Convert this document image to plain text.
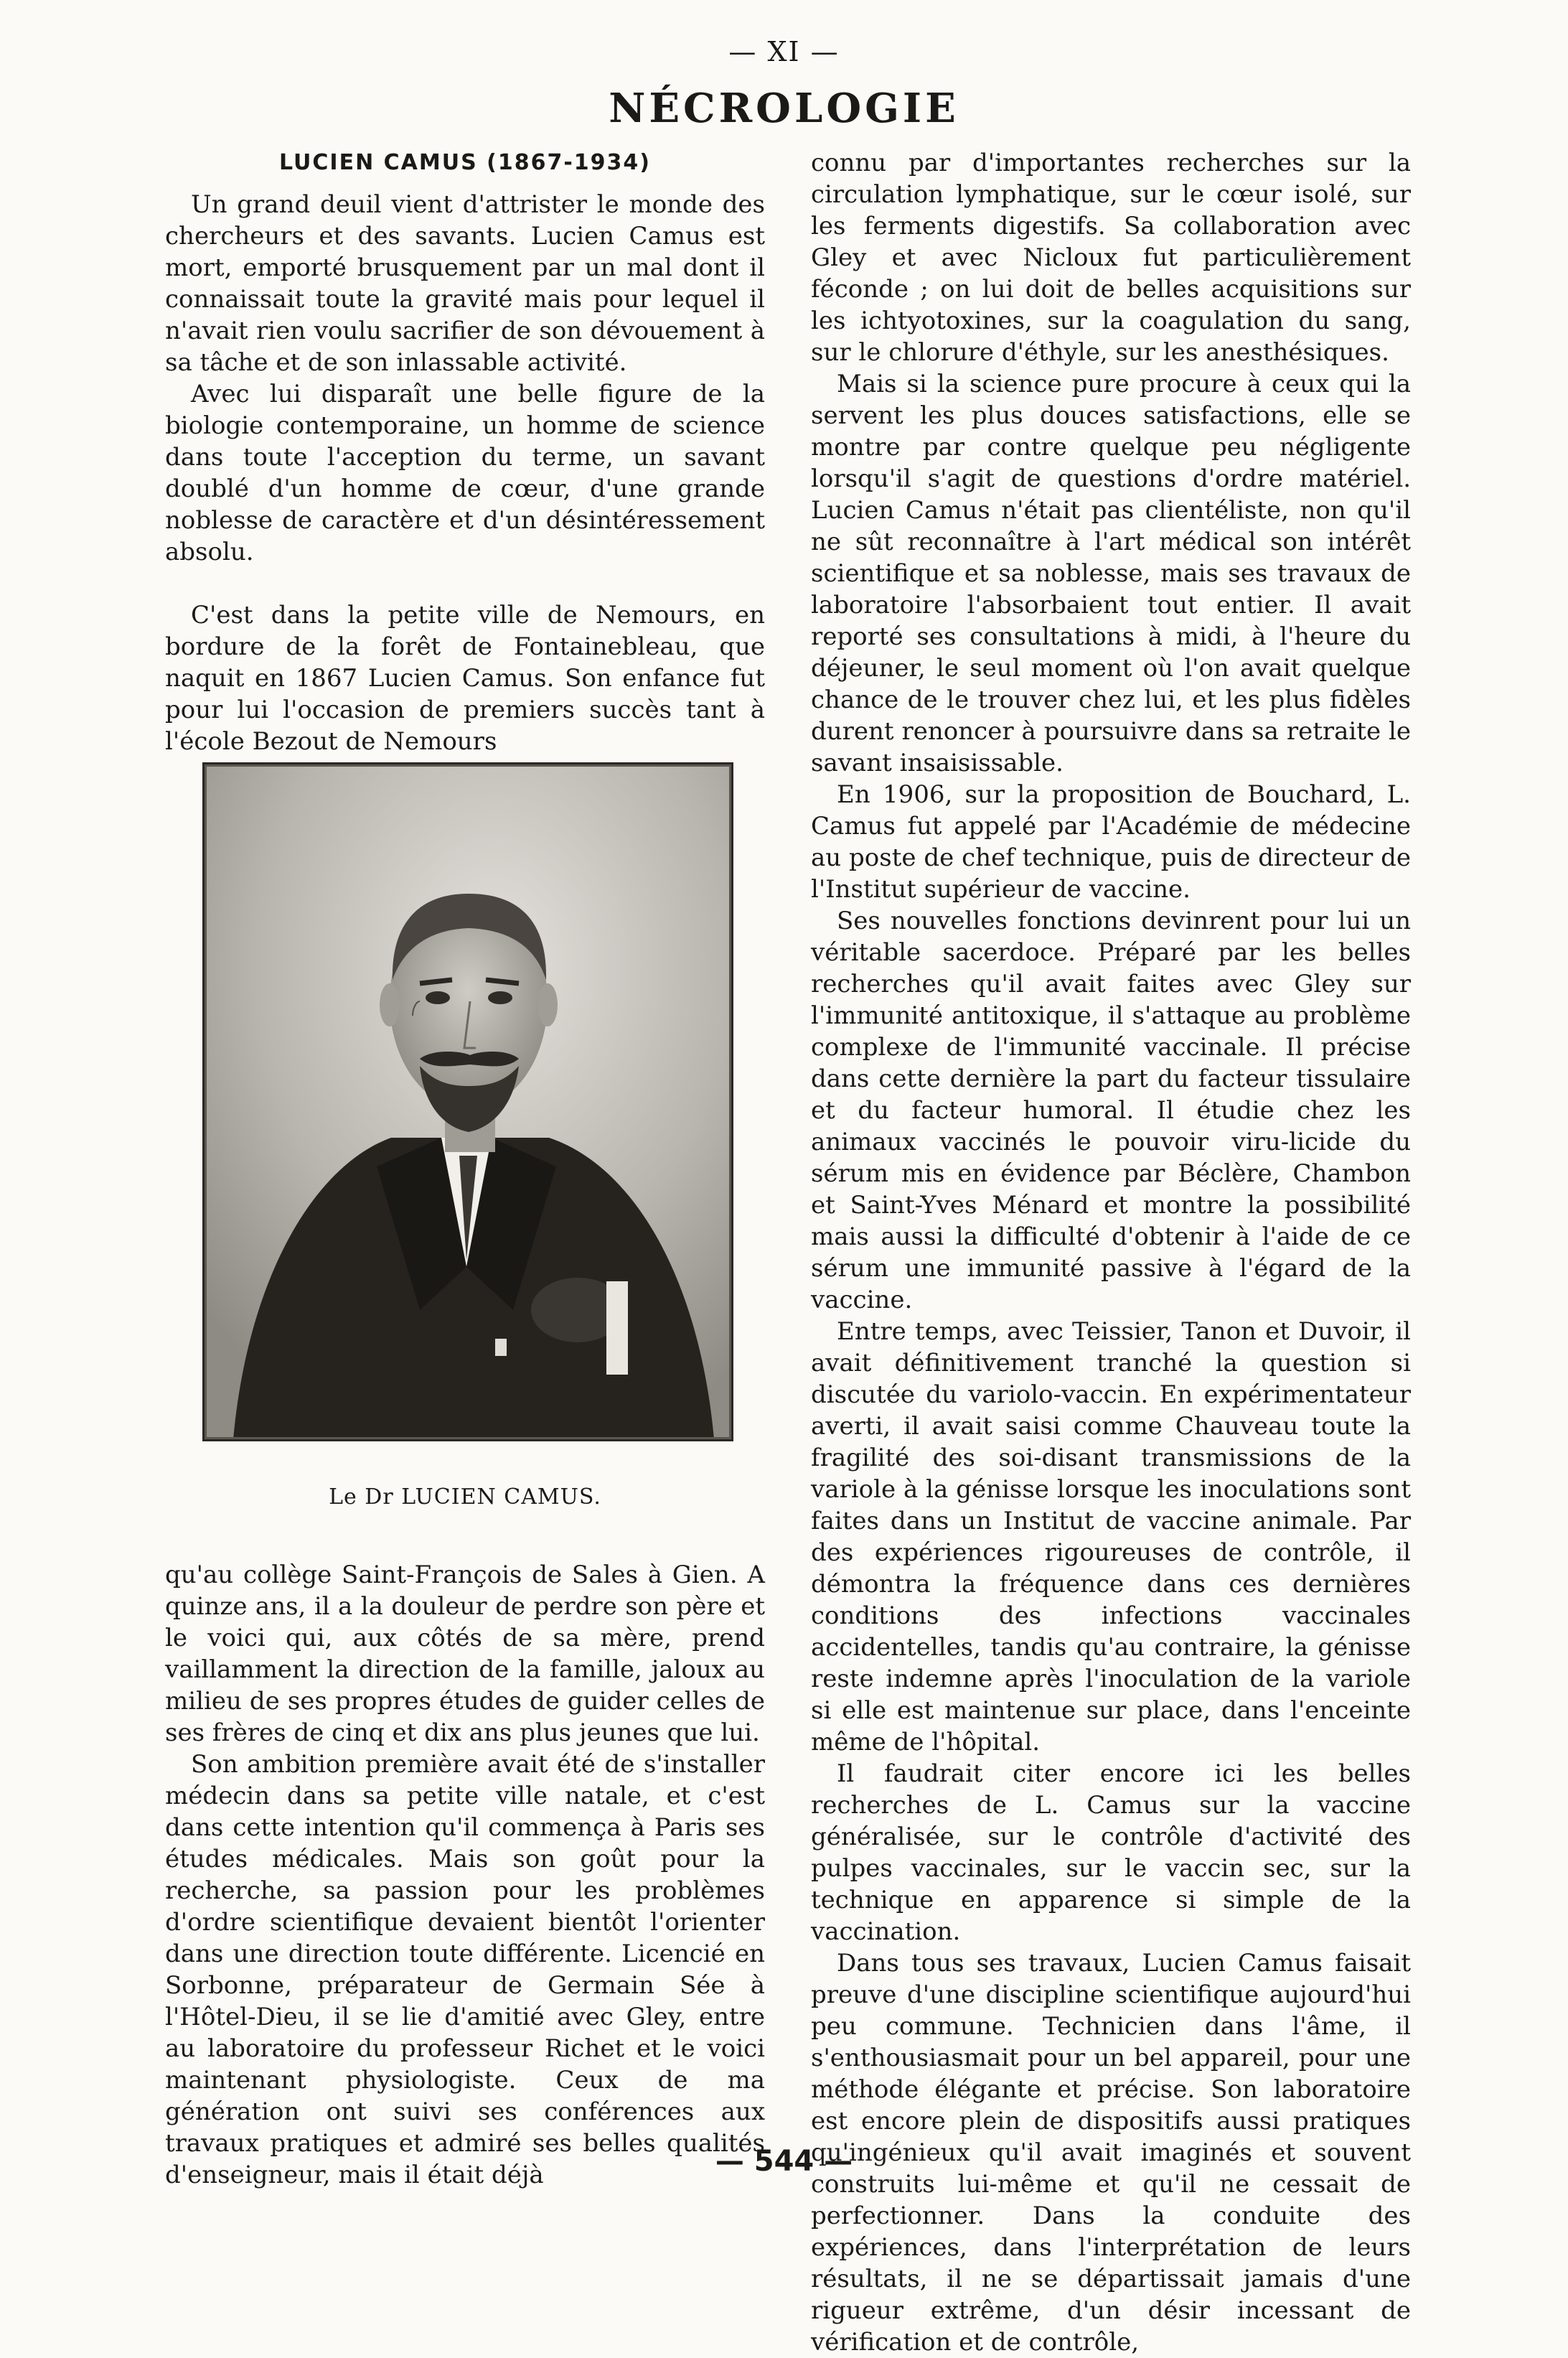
— XI —
NÉCROLOGIE
LUCIEN CAMUS (1867-1934)

Un grand deuil vient d'attrister le monde des chercheurs et des savants. Lucien Camus est mort, emporté brusquement par un mal dont il connaissait toute la gravité mais pour lequel il n'avait rien voulu sacrifier de son dévouement à sa tâche et de son inlassable activité.

Avec lui disparaît une belle figure de la biologie contemporaine, un homme de science dans toute l'acception du terme, un savant doublé d'un homme de cœur, d'une grande noblesse de caractère et d'un désintéressement absolu.

C'est dans la petite ville de Nemours, en bordure de la forêt de Fontainebleau, que naquit en 1867 Lucien Camus. Son enfance fut pour lui l'occasion de premiers succès tant à l'école Bezout de Nemours

Le Dr LUCIEN CAMUS.

qu'au collège Saint-François de Sales à Gien. A quinze ans, il a la douleur de perdre son père et le voici qui, aux côtés de sa mère, prend vaillamment la direction de la famille, jaloux au milieu de ses propres études de guider celles de ses frères de cinq et dix ans plus jeunes que lui.

Son ambition première avait été de s'installer médecin dans sa petite ville natale, et c'est dans cette intention qu'il commença à Paris ses études médicales. Mais son goût pour la recherche, sa passion pour les problèmes d'ordre scientifique devaient bientôt l'orienter dans une direction toute différente. Licencié en Sorbonne, préparateur de Germain Sée à l'Hôtel-Dieu, il se lie d'amitié avec Gley, entre au laboratoire du professeur Richet et le voici maintenant physiologiste. Ceux de ma génération ont suivi ses conférences aux travaux pratiques et admiré ses belles qualités d'enseigneur, mais il était déjà

connu par d'importantes recherches sur la circulation lymphatique, sur le cœur isolé, sur les ferments digestifs. Sa collaboration avec Gley et avec Nicloux fut particulièrement féconde ; on lui doit de belles acquisitions sur les ichtyotoxines, sur la coagulation du sang, sur le chlorure d'éthyle, sur les anesthésiques.

Mais si la science pure procure à ceux qui la servent les plus douces satisfactions, elle se montre par contre quelque peu négligente lorsqu'il s'agit de questions d'ordre matériel. Lucien Camus n'était pas clientéliste, non qu'il ne sût reconnaître à l'art médical son intérêt scientifique et sa noblesse, mais ses travaux de laboratoire l'absorbaient tout entier. Il avait reporté ses consultations à midi, à l'heure du déjeuner, le seul moment où l'on avait quelque chance de le trouver chez lui, et les plus fidèles durent renoncer à poursuivre dans sa retraite le savant insaisissable.

En 1906, sur la proposition de Bouchard, L. Camus fut appelé par l'Académie de médecine au poste de chef technique, puis de directeur de l'Institut supérieur de vaccine.

Ses nouvelles fonctions devinrent pour lui un véritable sacerdoce. Préparé par les belles recherches qu'il avait faites avec Gley sur l'immunité antitoxique, il s'attaque au problème complexe de l'immunité vaccinale. Il précise dans cette dernière la part du facteur tissulaire et du facteur humoral. Il étudie chez les animaux vaccinés le pouvoir viru-licide du sérum mis en évidence par Béclère, Chambon et Saint-Yves Ménard et montre la possibilité mais aussi la difficulté d'obtenir à l'aide de ce sérum une immunité passive à l'égard de la vaccine.

Entre temps, avec Teissier, Tanon et Duvoir, il avait définitivement tranché la question si discutée du variolo-vaccin. En expérimentateur averti, il avait saisi comme Chauveau toute la fragilité des soi-disant transmissions de la variole à la génisse lorsque les inoculations sont faites dans un Institut de vaccine animale. Par des expériences rigoureuses de contrôle, il démontra la fréquence dans ces dernières conditions des infections vaccinales accidentelles, tandis qu'au contraire, la génisse reste indemne après l'inoculation de la variole si elle est maintenue sur place, dans l'enceinte même de l'hôpital.

Il faudrait citer encore ici les belles recherches de L. Camus sur la vaccine généralisée, sur le contrôle d'activité des pulpes vaccinales, sur le vaccin sec, sur la technique en apparence si simple de la vaccination.

Dans tous ses travaux, Lucien Camus faisait preuve d'une discipline scientifique aujourd'hui peu commune. Technicien dans l'âme, il s'enthousiasmait pour un bel appareil, pour une méthode élégante et précise. Son laboratoire est encore plein de dispositifs aussi pratiques qu'ingénieux qu'il avait imaginés et souvent construits lui-même et qu'il ne cessait de perfectionner. Dans la conduite des expériences, dans l'interprétation de leurs résultats, il ne se départissait jamais d'une rigueur extrême, d'un désir incessant de vérification et de contrôle,

— 544 —
